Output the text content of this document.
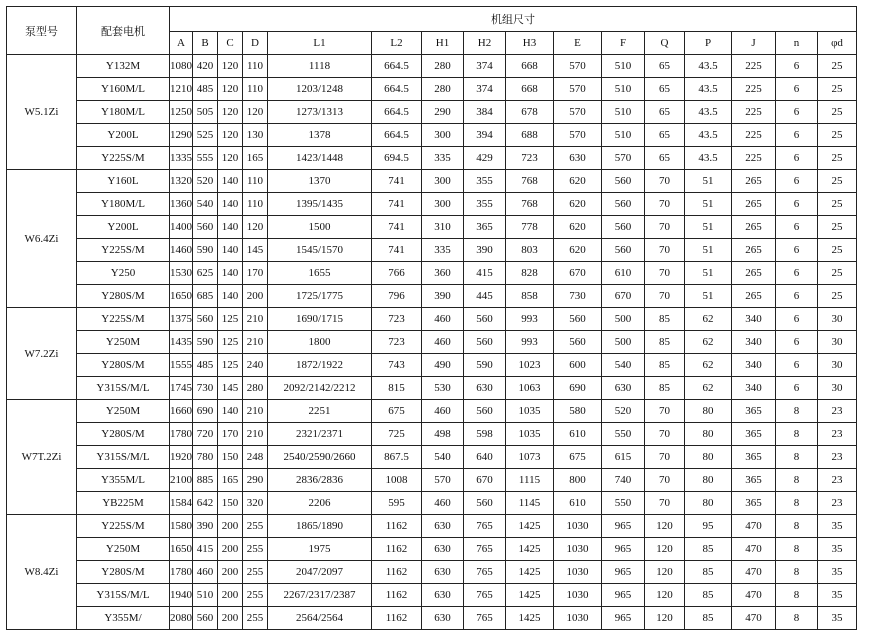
泵型号	配套电机	机组尺寸															
		A	B	C	D	L1	L2	H1	H2	H3	E	F	Q	P	J	n	φd
W5.1Zi	Y132M	1080	420	120	110	1118	664.5	280	374	668	570	510	65	43.5	225	6	25
	Y160M/L	1210	485	120	110	1203/1248	664.5	280	374	668	570	510	65	43.5	225	6	25
	Y180M/L	1250	505	120	120	1273/1313	664.5	290	384	678	570	510	65	43.5	225	6	25
	Y200L	1290	525	120	130	1378	664.5	300	394	688	570	510	65	43.5	225	6	25
	Y225S/M	1335	555	120	165	1423/1448	694.5	335	429	723	630	570	65	43.5	225	6	25
W6.4Zi	Y160L	1320	520	140	110	1370	741	300	355	768	620	560	70	51	265	6	25
	Y180M/L	1360	540	140	110	1395/1435	741	300	355	768	620	560	70	51	265	6	25
	Y200L	1400	560	140	120	1500	741	310	365	778	620	560	70	51	265	6	25
	Y225S/M	1460	590	140	145	1545/1570	741	335	390	803	620	560	70	51	265	6	25
	Y250	1530	625	140	170	1655	766	360	415	828	670	610	70	51	265	6	25
	Y280S/M	1650	685	140	200	1725/1775	796	390	445	858	730	670	70	51	265	6	25
W7.2Zi	Y225S/M	1375	560	125	210	1690/1715	723	460	560	993	560	500	85	62	340	6	30
	Y250M	1435	590	125	210	1800	723	460	560	993	560	500	85	62	340	6	30
	Y280S/M	1555	485	125	240	1872/1922	743	490	590	1023	600	540	85	62	340	6	30
	Y315S/M/L	1745	730	145	280	2092/2142/2212	815	530	630	1063	690	630	85	62	340	6	30
W7T.2Zi	Y250M	1660	690	140	210	2251	675	460	560	1035	580	520	70	80	365	8	23
	Y280S/M	1780	720	170	210	2321/2371	725	498	598	1035	610	550	70	80	365	8	23
	Y315S/M/L	1920	780	150	248	2540/2590/2660	867.5	540	640	1073	675	615	70	80	365	8	23
	Y355M/L	2100	885	165	290	2836/2836	1008	570	670	1115	800	740	70	80	365	8	23
	YB225M	1584	642	150	320	2206	595	460	560	1145	610	550	70	80	365	8	23
W8.4Zi	Y225S/M	1580	390	200	255	1865/1890	1162	630	765	1425	1030	965	120	95	470	8	35
	Y250M	1650	415	200	255	1975	1162	630	765	1425	1030	965	120	85	470	8	35
	Y280S/M	1780	460	200	255	2047/2097	1162	630	765	1425	1030	965	120	85	470	8	35
	Y315S/M/L	1940	510	200	255	2267/2317/2387	1162	630	765	1425	1030	965	120	85	470	8	35
	Y355M/	2080	560	200	255	2564/2564	1162	630	765	1425	1030	965	120	85	470	8	35
